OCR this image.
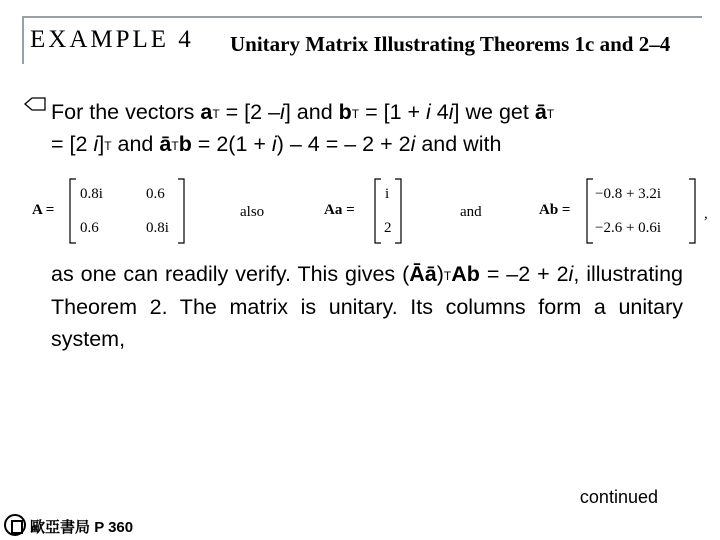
EXAMPLE 4 Unitary Matrix Illustrating Theorems 1c and 2–4
For the vectors $a^T = [2$ –i] and $b^T = [1 + i$ 4i] we get $ā^T$
= [2 i]$^T$ and $ā^Tb = 2(1 + i) - 4$ = – 2 + 2i and with
A =
0.8i	0.6
0.6	0.8i
also	Aa =
i
2
and	Ab =
−0.8 + 3.2i
−2.6 + 0.6i
,
as one can readily verify. This gives (Āā)$^T$Ab = –2 + 2i, illustrating Theorem 2. The matrix is unitary. Its columns form a unitary system,
continued
歐亞書局 P 360
